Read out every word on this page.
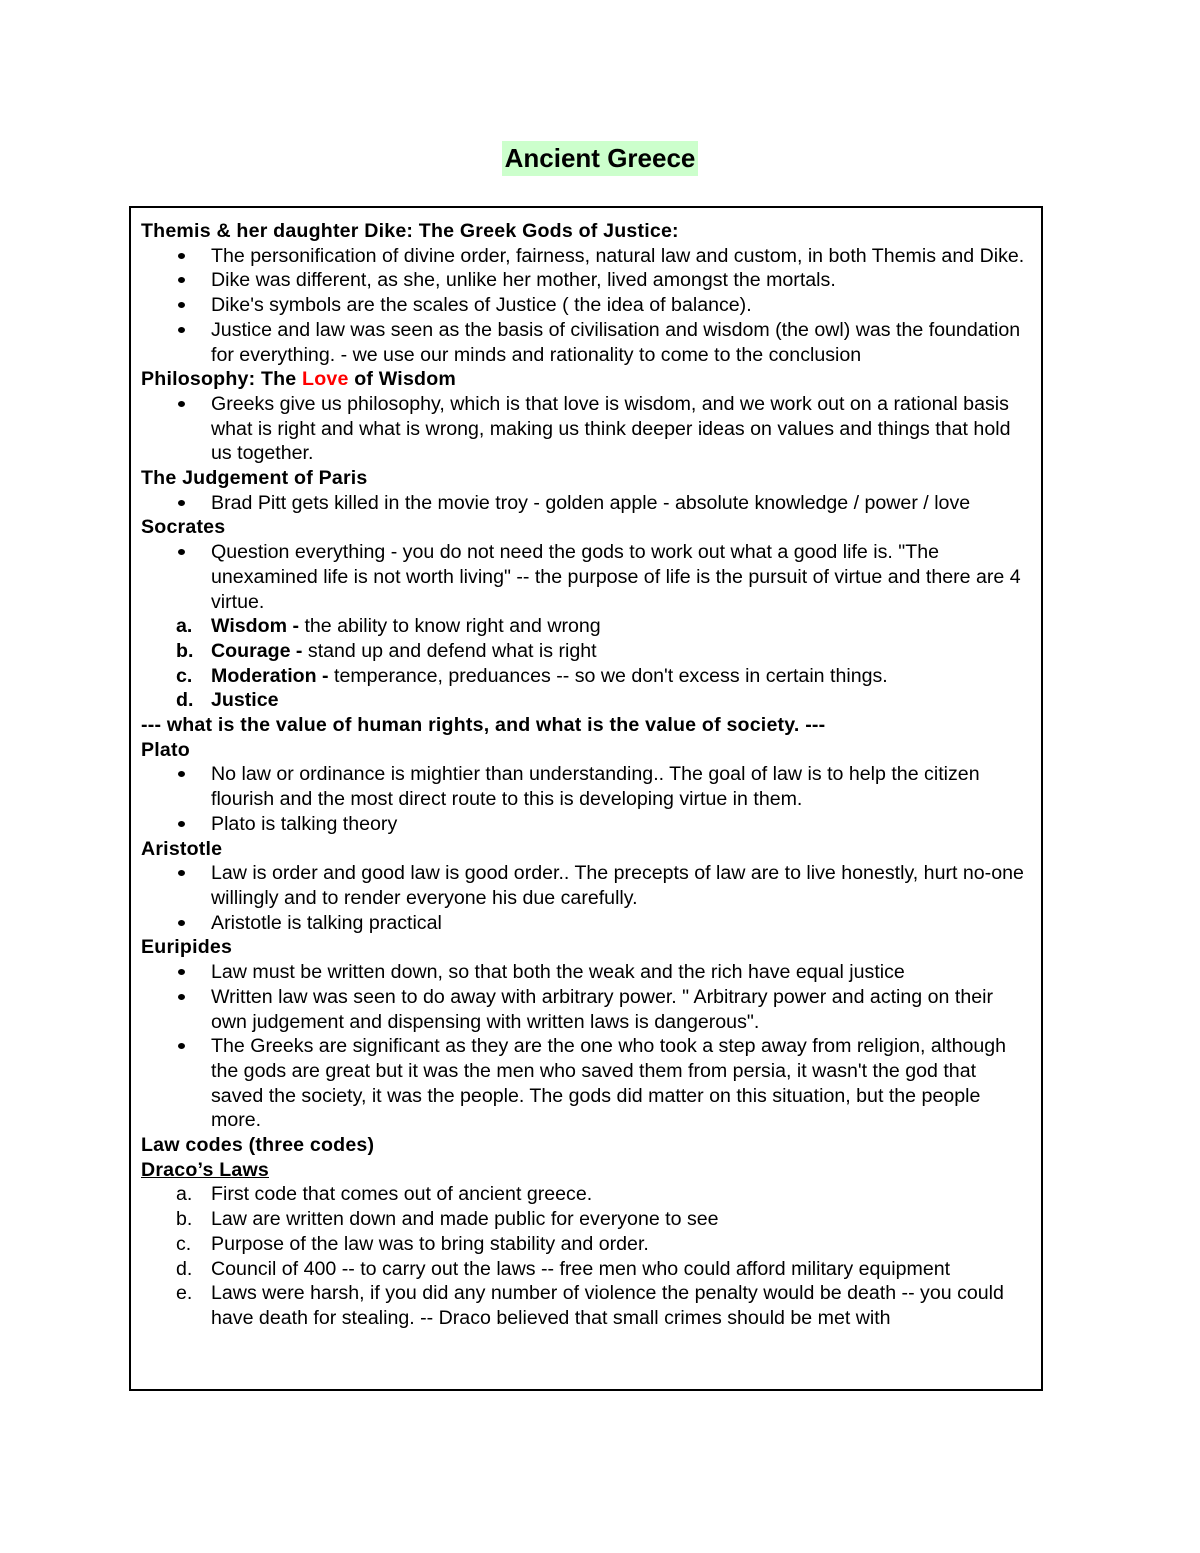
Ancient Greece
Themis & her daughter Dike: The Greek Gods of Justice:
The personification of divine order, fairness, natural law and custom, in both Themis and Dike.
Dike was different, as she, unlike her mother, lived amongst the mortals.
Dike's symbols are the scales of Justice ( the idea of balance).
Justice and law was seen as the basis of civilisation and wisdom (the owl) was the foundation for everything. - we use our minds and rationality to come to the conclusion
Philosophy: The Love of Wisdom
Greeks give us philosophy, which is that love is wisdom, and we work out on a rational basis what is right and what is wrong, making us think deeper ideas on values and things that hold us together.
The Judgement of Paris
Brad Pitt gets killed in the movie troy - golden apple - absolute knowledge / power / love
Socrates
Question everything - you do not need the gods to work out what a good life is. "The unexamined life is not worth living" -- the purpose of life is the pursuit of virtue and there are 4 virtue.
a. Wisdom - the ability to know right and wrong
b. Courage - stand up and defend what is right
c. Moderation - temperance, preduances -- so we don't excess in certain things.
d. Justice
--- what is the value of human rights, and what is the value of society. ---
Plato
No law or ordinance is mightier than understanding.. The goal of law is to help the citizen flourish and the most direct route to this is developing virtue in them.
Plato is talking theory
Aristotle
Law is order and good law is good order.. The precepts of law are to live honestly, hurt no-one willingly and to render everyone his due carefully.
Aristotle is talking practical
Euripides
Law must be written down, so that both the weak and the rich have equal justice
Written law was seen to do away with arbitrary power. " Arbitrary power and acting on their own judgement and dispensing with written laws is dangerous".
The Greeks are significant as they are the one who took a step away from religion, although the gods are great but it was the men who saved them from persia, it wasn't the god that saved the society, it was the people. The gods did matter on this situation, but the people more.
Law codes (three codes)
Draco’s Laws
a. First code that comes out of ancient greece.
b. Law are written down and made public for everyone to see
c. Purpose of the law was to bring stability and order.
d. Council of 400 -- to carry out the laws -- free men who could afford military equipment
e. Laws were harsh, if you did any number of violence the penalty would be death -- you could have death for stealing. -- Draco believed that small crimes should be met with
